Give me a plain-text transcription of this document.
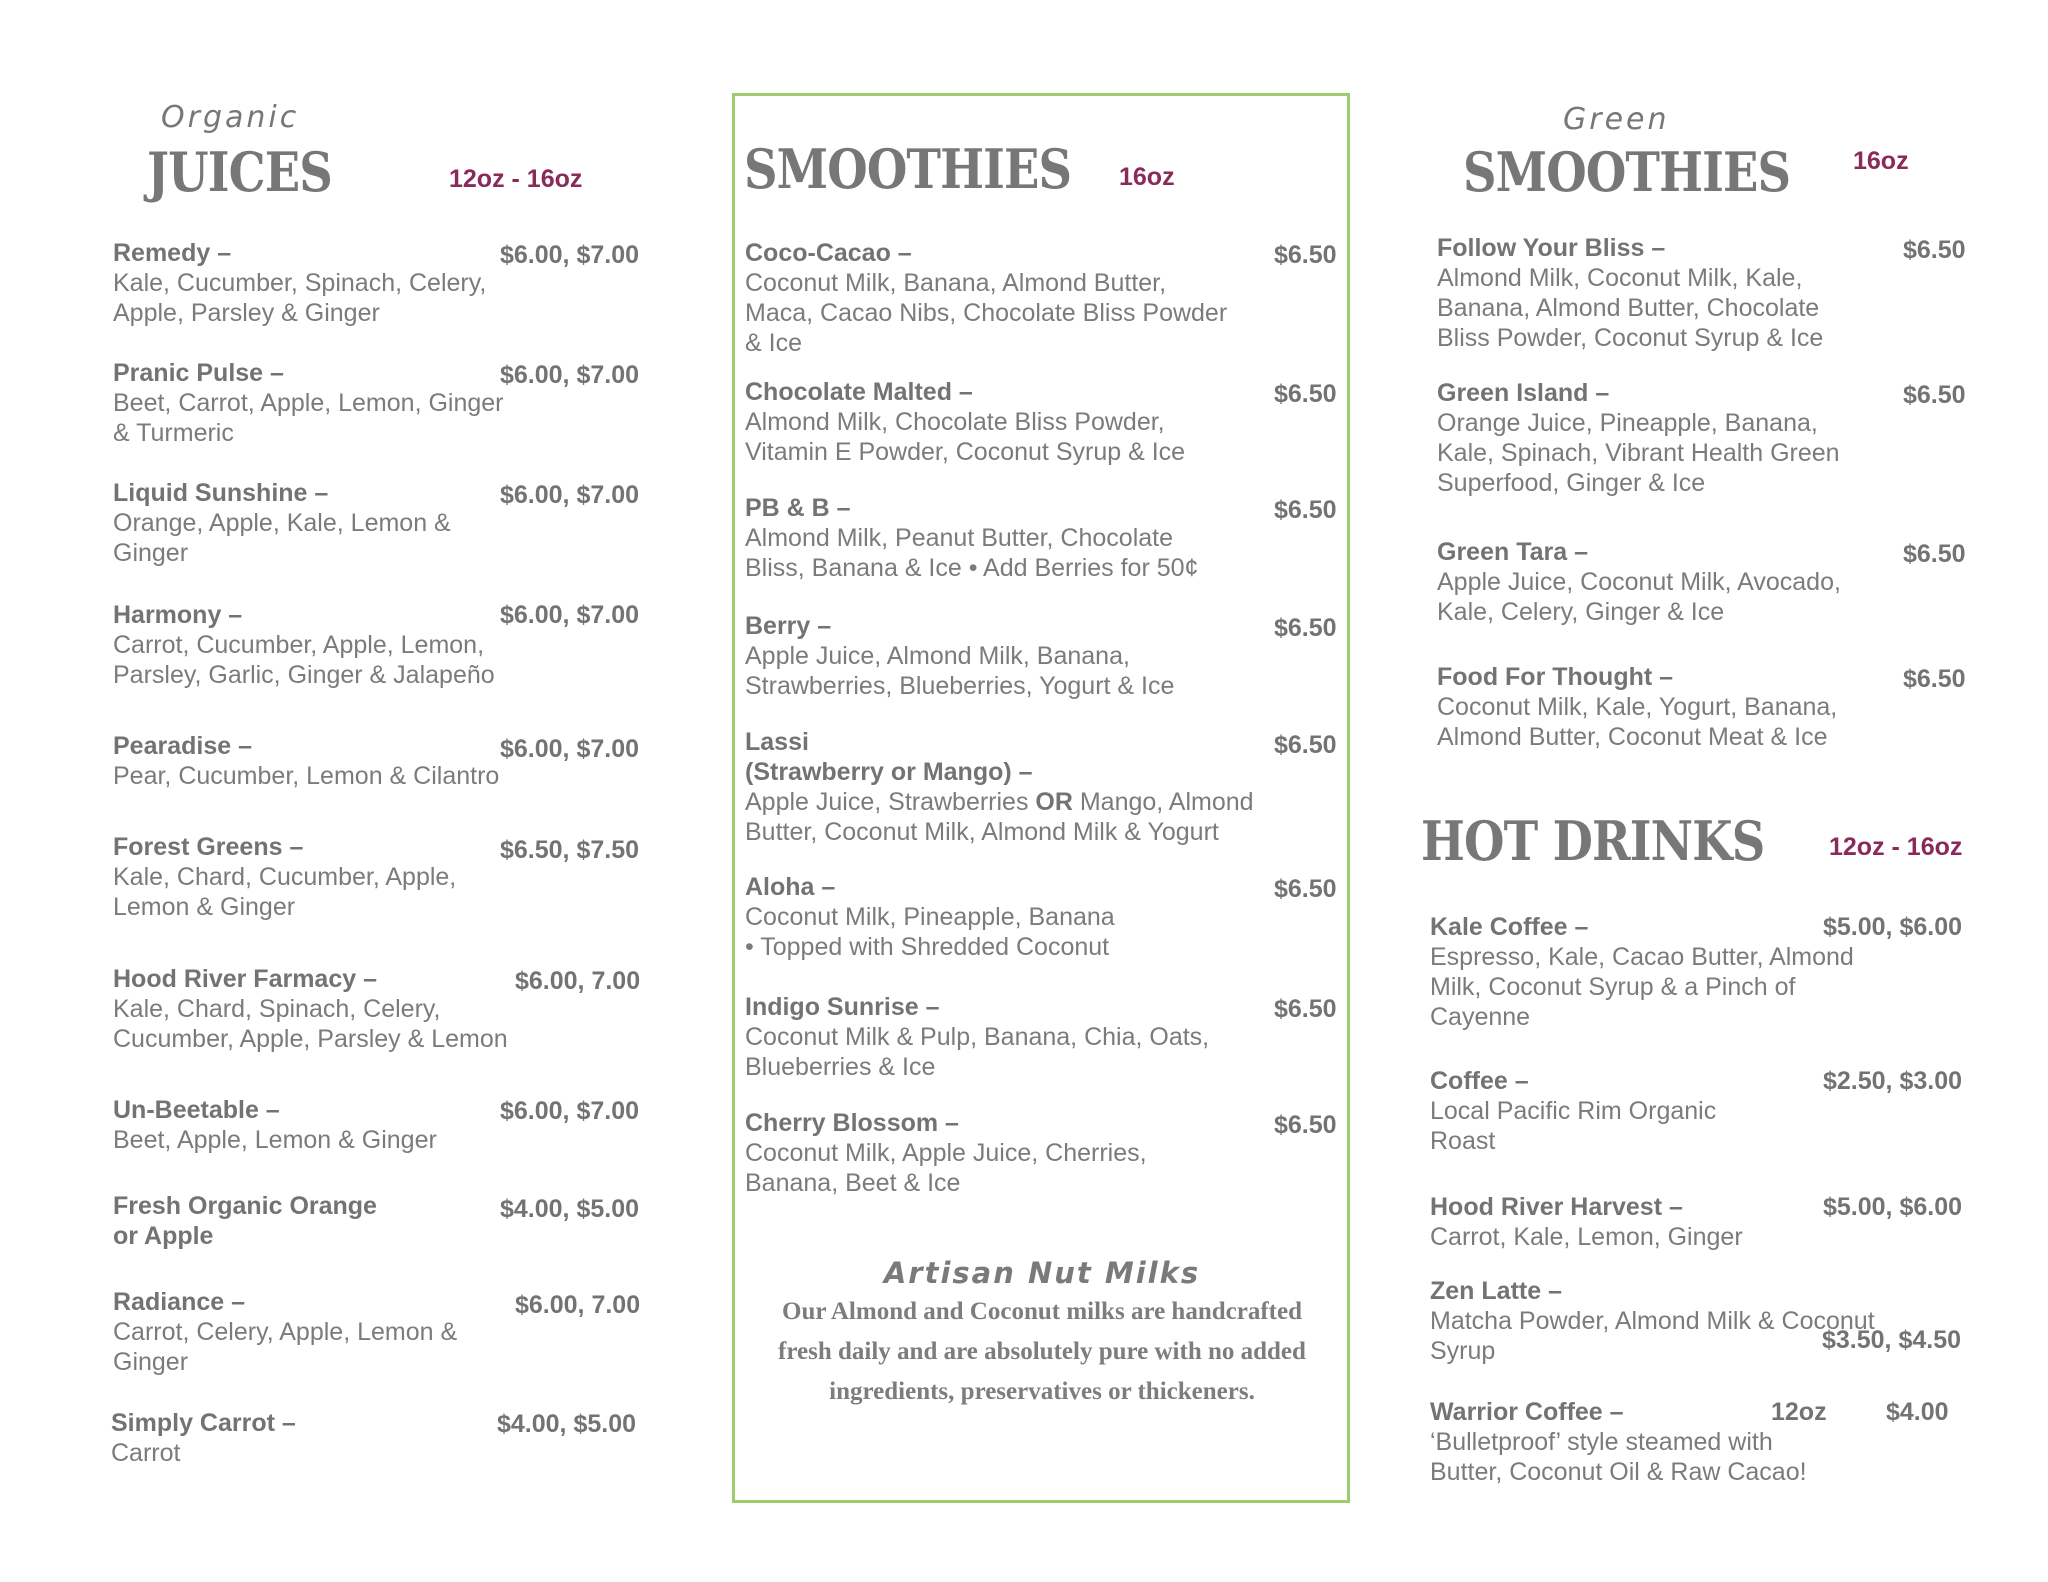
Organic
JUICES	12oz - 16oz
Remedy –
Kale, Cucumber, Spinach, Celery,
Apple, Parsley & Ginger
$6.00, $7.00
Pranic Pulse –
Beet, Carrot, Apple, Lemon, Ginger
& Turmeric
$6.00, $7.00
Liquid Sunshine –
Orange, Apple, Kale, Lemon &
Ginger
$6.00, $7.00
Harmony –
Carrot, Cucumber, Apple, Lemon,
Parsley, Garlic, Ginger & Jalapeño
$6.00, $7.00
Pearadise –
Pear, Cucumber, Lemon & Cilantro
$6.00, $7.00
Forest Greens –
Kale, Chard, Cucumber, Apple,
Lemon & Ginger
$6.50, $7.50
Hood River Farmacy –
Kale, Chard, Spinach, Celery,
Cucumber, Apple, Parsley & Lemon
$6.00, 7.00
Un-Beetable –
Beet, Apple, Lemon & Ginger
$6.00, $7.00
Fresh Organic Orange
or Apple
$4.00, $5.00
Radiance –
Carrot, Celery, Apple, Lemon &
Ginger
$6.00, 7.00
Simply Carrot –
Carrot
$4.00, $5.00
SMOOTHIES 16oz
Coco-Cacao –
Coconut Milk, Banana, Almond Butter,
Maca, Cacao Nibs, Chocolate Bliss Powder
& Ice
$6.50
Chocolate Malted –
Almond Milk, Chocolate Bliss Powder,
Vitamin E Powder, Coconut Syrup & Ice
$6.50
PB & B –
Almond Milk, Peanut Butter, Chocolate
Bliss, Banana & Ice • Add Berries for 50¢
$6.50
Berry –
Apple Juice, Almond Milk, Banana,
Strawberries, Blueberries, Yogurt & Ice
$6.50
Lassi
(Strawberry or Mango) –
Apple Juice, Strawberries OR Mango, Almond
Butter, Coconut Milk, Almond Milk & Yogurt
$6.50
Aloha –
Coconut Milk, Pineapple, Banana
• Topped with Shredded Coconut
$6.50
Indigo Sunrise –
Coconut Milk & Pulp, Banana, Chia, Oats,
Blueberries & Ice
$6.50
Cherry Blossom –
Coconut Milk, Apple Juice, Cherries,
Banana, Beet & Ice
$6.50
Artisan Nut Milks
Our Almond and Coconut milks are handcrafted
fresh daily and are absolutely pure with no added
ingredients, preservatives or thickeners.
Green
SMOOTHIES	16oz
Follow Your Bliss –
Almond Milk, Coconut Milk, Kale,
Banana, Almond Butter, Chocolate
Bliss Powder, Coconut Syrup & Ice
$6.50
Green Island –
Orange Juice, Pineapple, Banana,
Kale, Spinach, Vibrant Health Green
Superfood, Ginger & Ice
$6.50
Green Tara –
Apple Juice, Coconut Milk, Avocado,
Kale, Celery, Ginger & Ice
$6.50
Food For Thought –
Coconut Milk, Kale, Yogurt, Banana,
Almond Butter, Coconut Meat & Ice
$6.50
HOT DRINKS	12oz - 16oz
Kale Coffee –
Espresso, Kale, Cacao Butter, Almond
Milk, Coconut Syrup & a Pinch of
Cayenne
$5.00, $6.00
Coffee –
Local Pacific Rim Organic
Roast
$2.50, $3.00
Hood River Harvest –
Carrot, Kale, Lemon, Ginger
$5.00, $6.00
Zen Latte –
Matcha Powder, Almond Milk & Coconut
Syrup	$3.50, $4.50
Warrior Coffee –
‘Bulletproof’ style steamed with
Butter, Coconut Oil & Raw Cacao!
12oz $4.00
